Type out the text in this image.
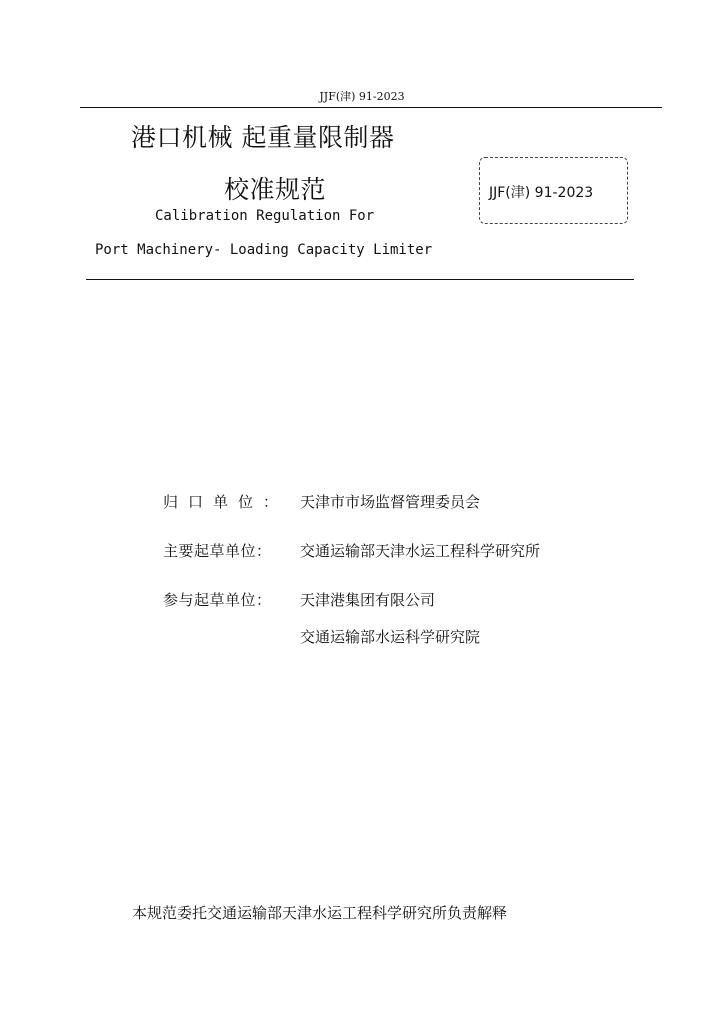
JJF(津) 91-2023
港口机械 起重量限制器
校准规范
Calibration Regulation For
Port Machinery- Loading Capacity Limiter
JJF(津) 91-2023
归口单位： 天津市市场监督管理委员会
主要起草单位： 交通运输部天津水运工程科学研究所
参与起草单位： 天津港集团有限公司
交通运输部水运科学研究院
本规范委托交通运输部天津水运工程科学研究所负责解释
